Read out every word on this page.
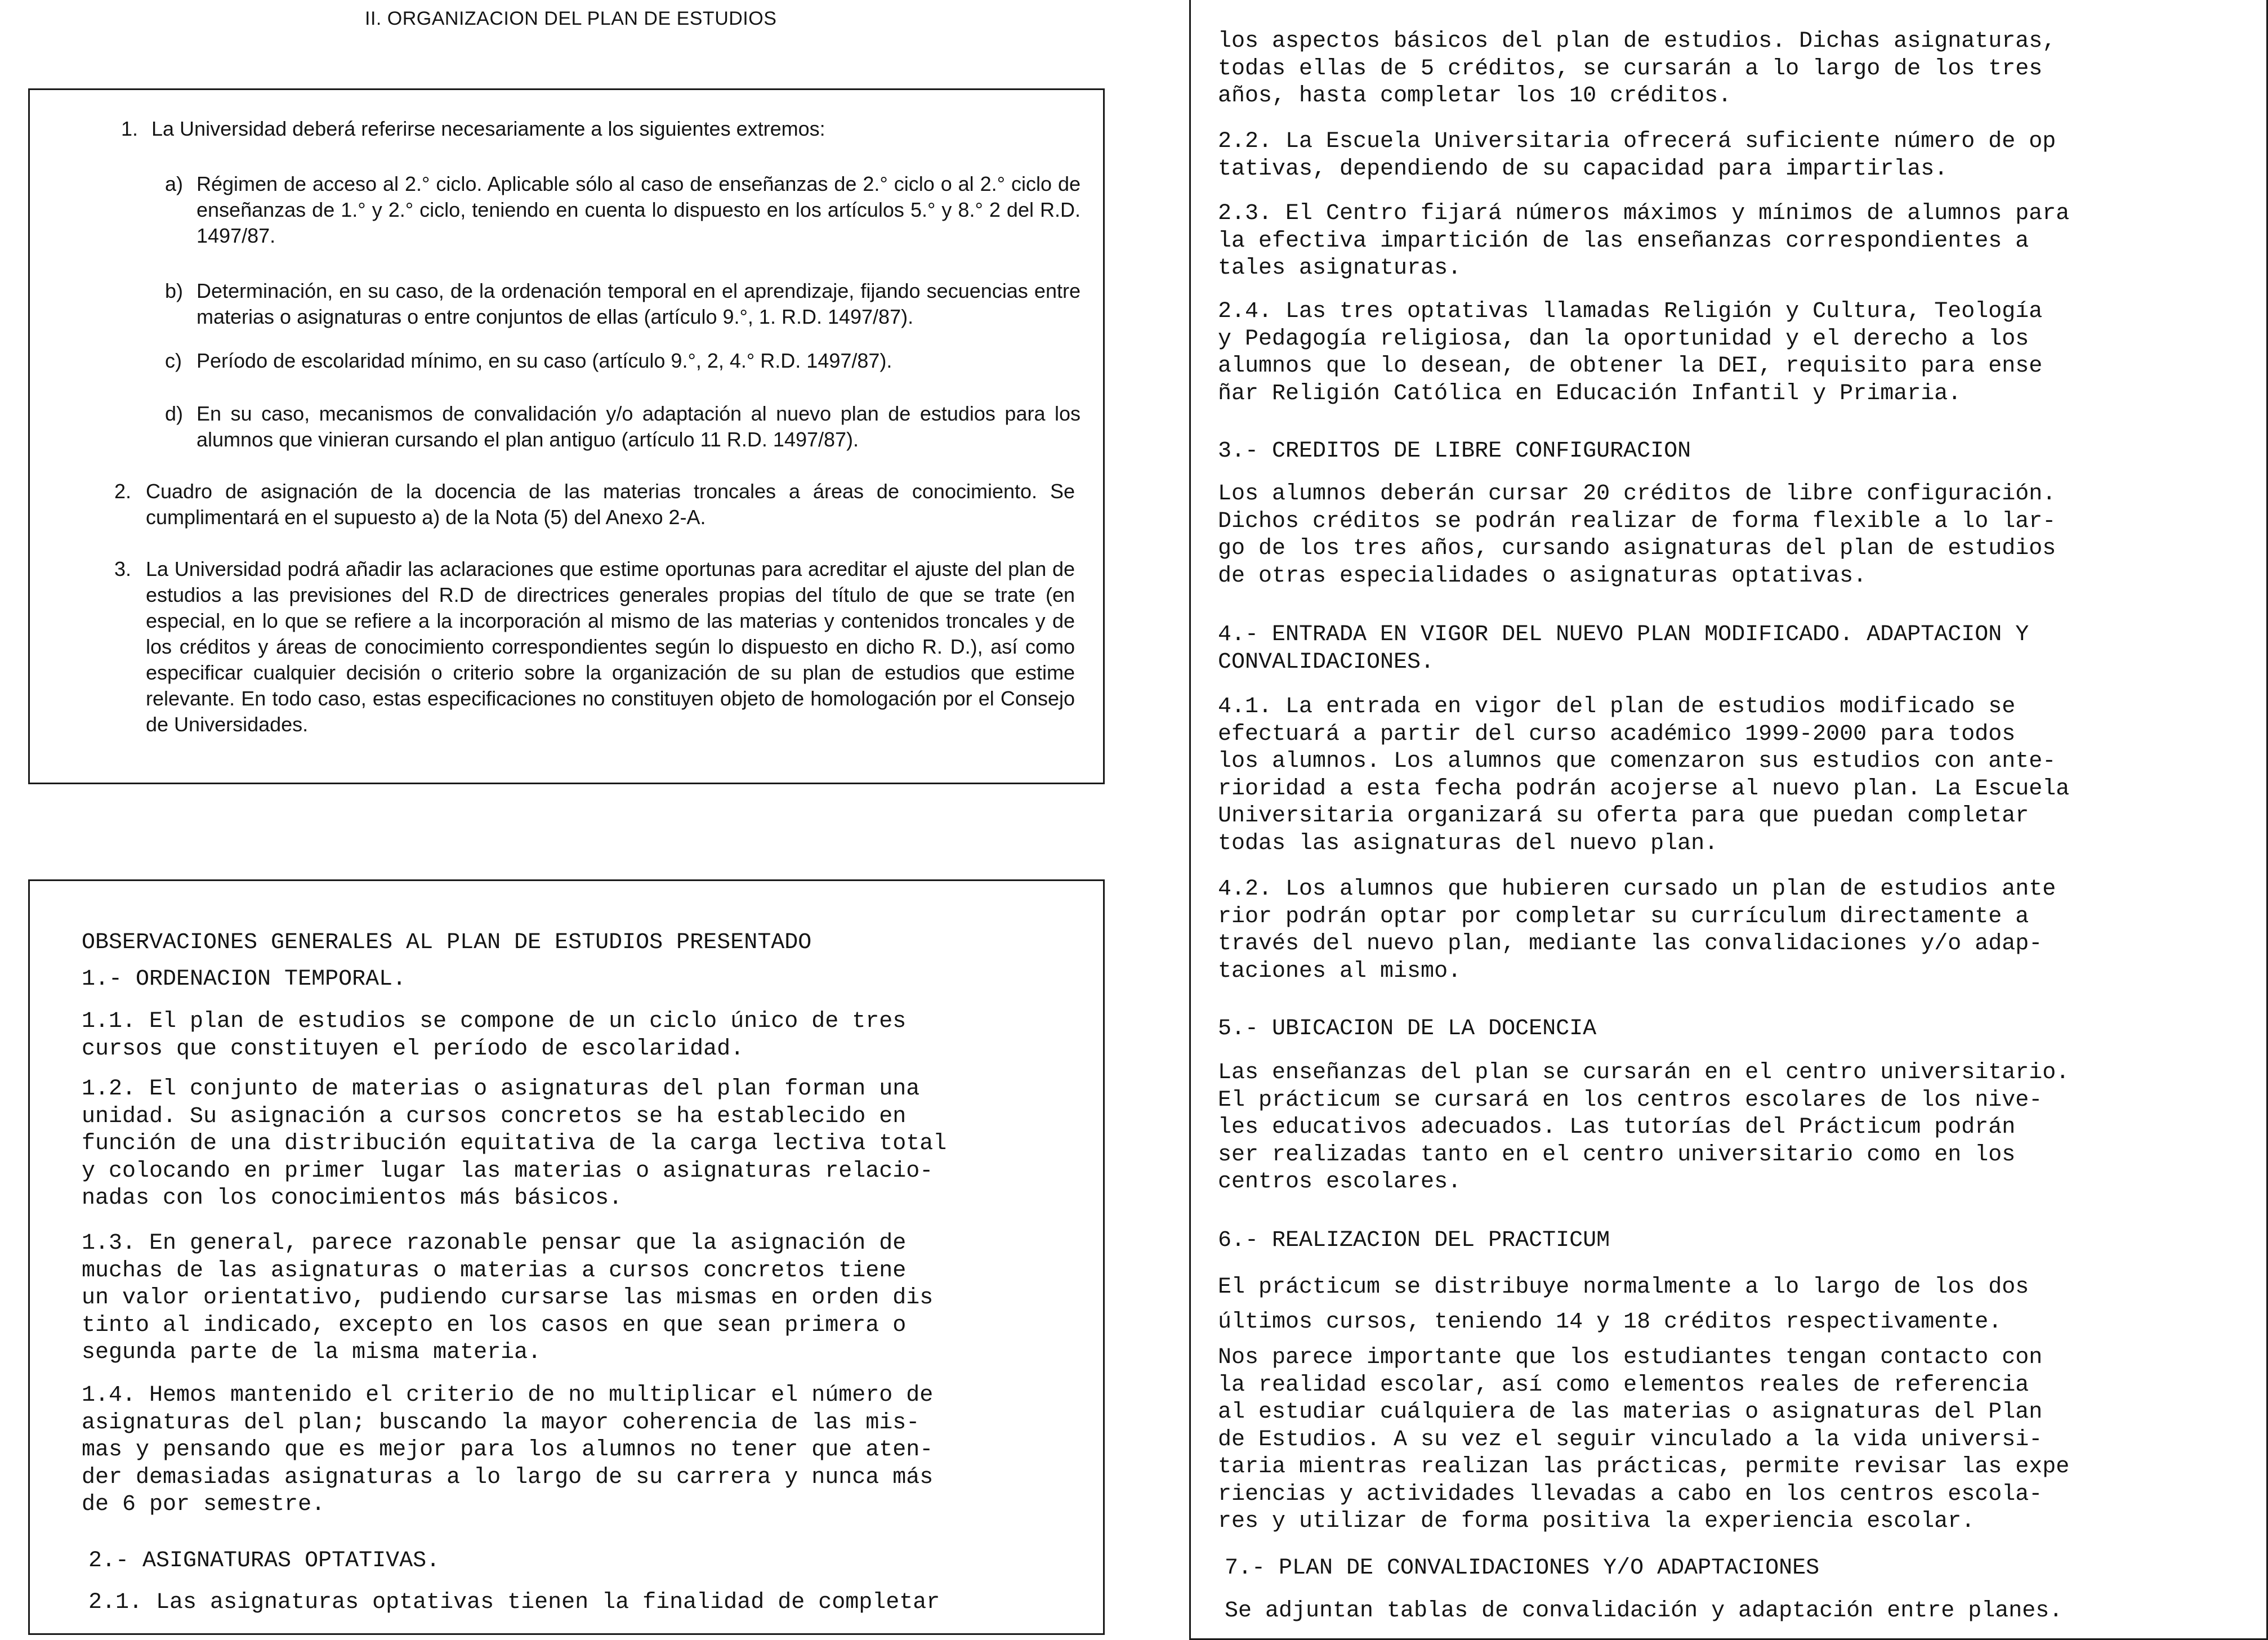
II. ORGANIZACION DEL PLAN DE ESTUDIOS
1. La Universidad deberá referirse necesariamente a los siguientes extremos:
a) Régimen de acceso al 2.° ciclo. Aplicable sólo al caso de enseñanzas de 2.° ciclo o al 2.° ciclo de enseñanzas de 1.° y 2.° ciclo, teniendo en cuenta lo dispuesto en los artículos 5.° y 8.° 2 del R.D. 1497/87.
b) Determinación, en su caso, de la ordenación temporal en el aprendizaje, fijando secuencias entre materias o asignaturas o entre conjuntos de ellas (artículo 9.°, 1. R.D. 1497/87).
c) Período de escolaridad mínimo, en su caso (artículo 9.°, 2, 4.° R.D. 1497/87).
d) En su caso, mecanismos de convalidación y/o adaptación al nuevo plan de estudios para los alumnos que vinieran cursando el plan antiguo (artículo 11 R.D. 1497/87).
2. Cuadro de asignación de la docencia de las materias troncales a áreas de conocimiento. Se cumplimentará en el supuesto a) de la Nota (5) del Anexo 2-A.
3. La Universidad podrá añadir las aclaraciones que estime oportunas para acreditar el ajuste del plan de estudios a las previsiones del R.D de directrices generales propias del título de que se trate (en especial, en lo que se refiere a la incorporación al mismo de las materias y contenidos troncales y de los créditos y áreas de conocimiento correspondientes según lo dispuesto en dicho R. D.), así como especificar cualquier decisión o criterio sobre la organización de su plan de estudios que estime relevante. En todo caso, estas especificaciones no constituyen objeto de homologación por el Consejo de Universidades.
OBSERVACIONES GENERALES AL PLAN DE ESTUDIOS PRESENTADO
1.- ORDENACION TEMPORAL.
1.1. El plan de estudios se compone de un ciclo único de tres
cursos que constituyen el período de escolaridad.
1.2. El conjunto de materias o asignaturas del plan forman una
unidad. Su asignación a cursos concretos se ha establecido en
función de una distribución equitativa de la carga lectiva total
y colocando en primer lugar las materias o asignaturas relacio-
nadas con los conocimientos más básicos.
1.3. En general, parece razonable pensar que la asignación de
muchas de las asignaturas o materias a cursos concretos tiene
un valor orientativo, pudiendo cursarse las mismas en orden dis
tinto al indicado, excepto en los casos en que sean primera o
segunda parte de la misma materia.
1.4. Hemos mantenido el criterio de no multiplicar el número de
asignaturas del plan; buscando la mayor coherencia de las mis-
mas y pensando que es mejor para los alumnos no tener que aten-
der demasiadas asignaturas a lo largo de su carrera y nunca más
de 6 por semestre.
2.- ASIGNATURAS OPTATIVAS.
2.1. Las asignaturas optativas tienen la finalidad de completar
los aspectos básicos del plan de estudios. Dichas asignaturas,
todas ellas de 5 créditos, se cursarán a lo largo de los tres
años, hasta completar los 10 créditos.
2.2. La Escuela Universitaria ofrecerá suficiente número de op
tativas, dependiendo de su capacidad para impartirlas.
2.3. El Centro fijará números máximos y mínimos de alumnos para
la efectiva impartición de las enseñanzas correspondientes a
tales asignaturas.
2.4. Las tres optativas llamadas Religión y Cultura, Teología
y Pedagogía religiosa, dan la oportunidad y el derecho a los
alumnos que lo desean, de obtener la DEI, requisito para ense
ñar Religión Católica en Educación Infantil y Primaria.
3.- CREDITOS DE LIBRE CONFIGURACION
Los alumnos deberán cursar 20 créditos de libre configuración.
Dichos créditos se podrán realizar de forma flexible a lo lar-
go de los tres años, cursando asignaturas del plan de estudios
de otras especialidades o asignaturas optativas.
4.- ENTRADA EN VIGOR DEL NUEVO PLAN MODIFICADO. ADAPTACION Y
CONVALIDACIONES.
4.1. La entrada en vigor del plan de estudios modificado se
efectuará a partir del curso académico 1999-2000 para todos
los alumnos. Los alumnos que comenzaron sus estudios con ante-
rioridad a esta fecha podrán acojerse al nuevo plan. La Escuela
Universitaria organizará su oferta para que puedan completar
todas las asignaturas del nuevo plan.
4.2. Los alumnos que hubieren cursado un plan de estudios ante
rior podrán optar por completar su currículum directamente a
través del nuevo plan, mediante las convalidaciones y/o adap-
taciones al mismo.
5.- UBICACION DE LA DOCENCIA
Las enseñanzas del plan se cursarán en el centro universitario.
El prácticum se cursará en los centros escolares de los nive-
les educativos adecuados. Las tutorías del Prácticum podrán
ser realizadas tanto en el centro universitario como en los
centros escolares.
6.- REALIZACION DEL PRACTICUM
El prácticum se distribuye normalmente a lo largo de los dos
últimos cursos, teniendo 14 y 18 créditos respectivamente.
Nos parece importante que los estudiantes tengan contacto con
la realidad escolar, así como elementos reales de referencia
al estudiar cuálquiera de las materias o asignaturas del Plan
de Estudios. A su vez el seguir vinculado a la vida universi-
taria mientras realizan las prácticas, permite revisar las expe
riencias y actividades llevadas a cabo en los centros escola-
res y utilizar de forma positiva la experiencia escolar.
7.- PLAN DE CONVALIDACIONES Y/O ADAPTACIONES
Se adjuntan tablas de convalidación y adaptación entre planes.
